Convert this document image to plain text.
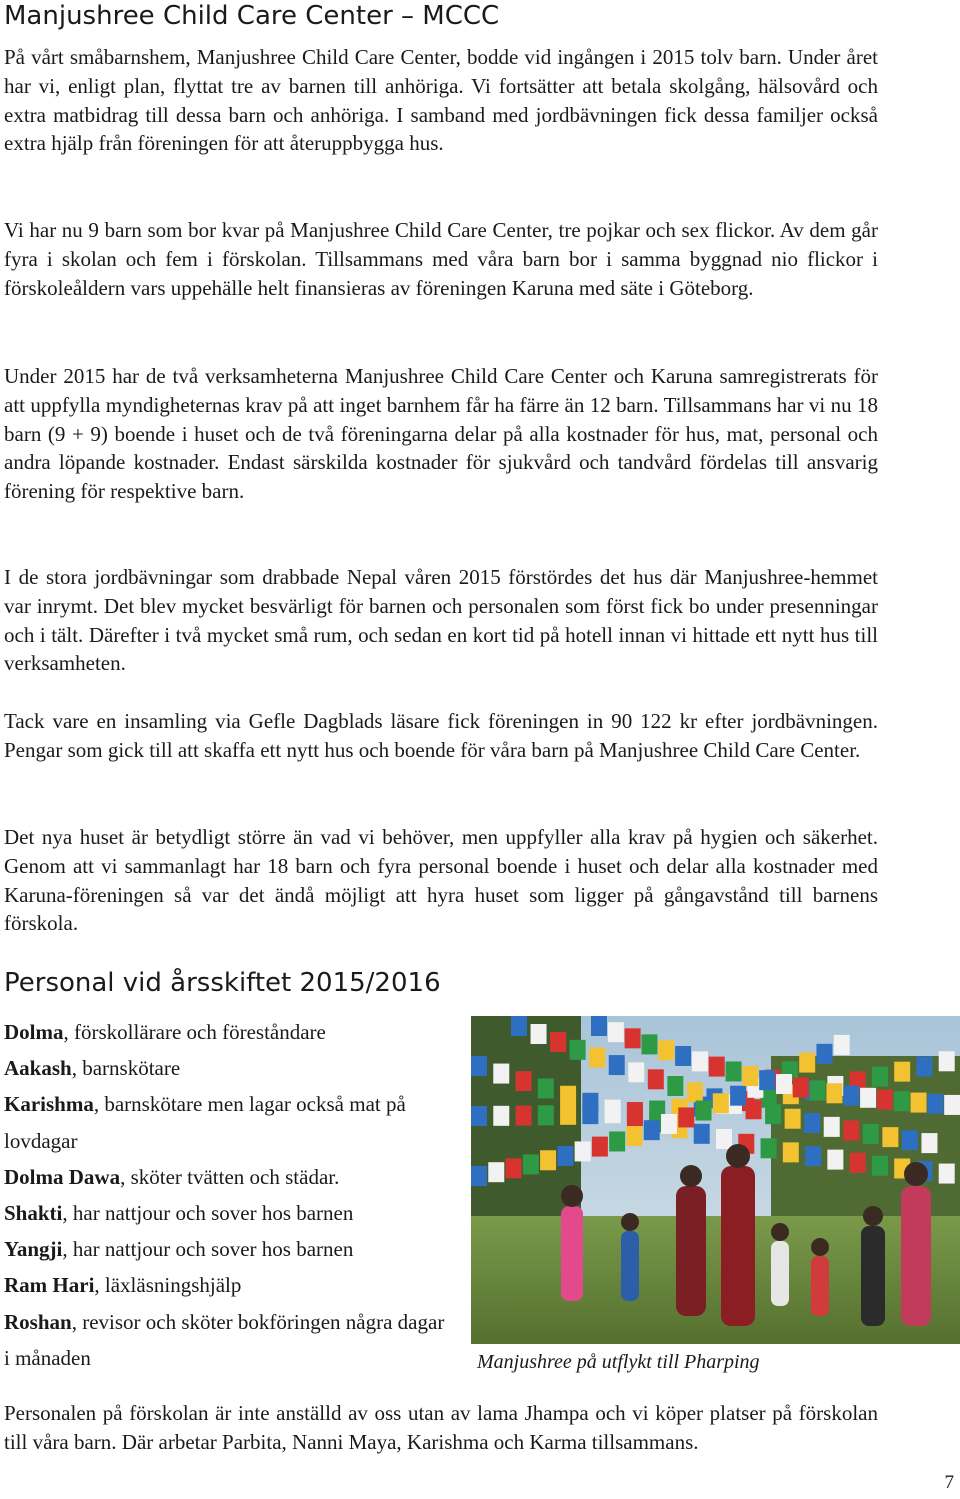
Manjushree Child Care Center – MCCC

På vårt småbarnshem, Manjushree Child Care Center, bodde vid ingången i 2015 tolv barn. Under året har vi, enligt plan, flyttat tre av barnen till anhöriga. Vi fortsätter att betala skolgång, hälsovård och extra matbidrag till dessa barn och anhöriga. I samband med jordbävningen fick dessa familjer också extra hjälp från föreningen för att återuppbygga hus.

Vi har nu 9 barn som bor kvar på Manjushree Child Care Center, tre pojkar och sex flickor. Av dem går fyra i skolan och fem i förskolan. Tillsammans med våra barn bor i samma byggnad nio flickor i förskoleåldern vars uppehälle helt finansieras av föreningen Karuna med säte i Göteborg.

Under 2015 har de två verksamheterna Manjushree Child Care Center och Karuna samregistrerats för att uppfylla myndigheternas krav på att inget barnhem får ha färre än 12 barn. Tillsammans har vi nu 18 barn (9 + 9) boende i huset och de två föreningarna delar på alla kostnader för hus, mat, personal och andra löpande kostnader. Endast särskilda kostnader för sjukvård och tandvård fördelas till ansvarig förening för respektive barn.

I de stora jordbävningar som drabbade Nepal våren 2015 förstördes det hus där Manjushree-hemmet var inrymt. Det blev mycket besvärligt för barnen och personalen som först fick bo under presenningar och i tält. Därefter i två mycket små rum, och sedan en kort tid på hotell innan vi hittade ett nytt hus till verksamheten.

Tack vare en insamling via Gefle Dagblads läsare fick föreningen in 90 122 kr efter jordbävningen. Pengar som gick till att skaffa ett nytt hus och boende för våra barn på Manjushree Child Care Center.

Det nya huset är betydligt större än vad vi behöver, men uppfyller alla krav på hygien och säkerhet. Genom att vi sammanlagt har 18 barn och fyra personal boende i huset och delar alla kostnader med Karuna-föreningen så var det ändå möjligt att hyra huset som ligger på gångavstånd till barnens förskola.

Personal vid årsskiftet 2015/2016
Dolma, förskollärare och föreståndare
Aakash, barnskötare
Karishma, barnskötare men lagar också mat på lovdagar
Dolma Dawa, sköter tvätten och städar.
Shakti, har nattjour och sover hos barnen
Yangji, har nattjour och sover hos barnen
Ram Hari, läxläsningshjälp
Roshan, revisor och sköter bokföringen några dagar i månaden	Manjushree på utflykt till Pharping

Personalen på förskolan är inte anställd av oss utan av lama Jhampa och vi köper platser på förskolan till våra barn. Där arbetar Parbita, Nanni Maya, Karishma och Karma tillsammans.

7
